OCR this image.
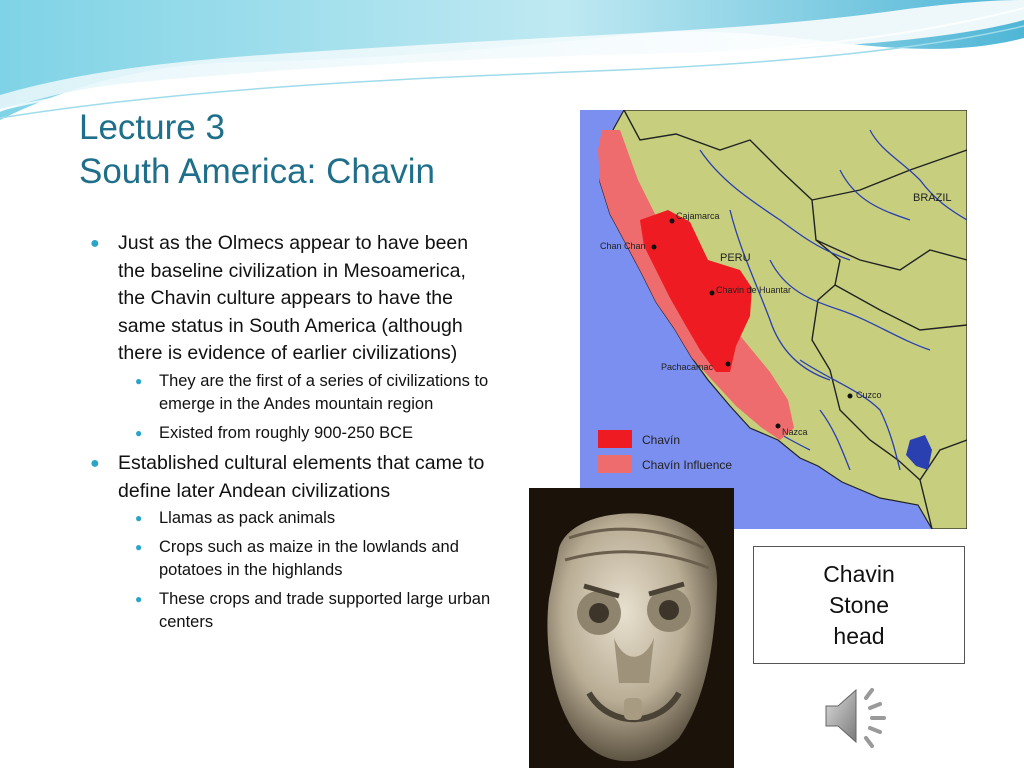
Lecture 3
South America: Chavin
● Just as the Olmecs appear to have been the baseline civilization in Mesoamerica, the Chavin culture appears to have the same status in South America (although there is evidence of earlier civilizations)
● They are the first of a series of civilizations to emerge in the Andes mountain region
● Existed from roughly 900-250 BCE
● Established cultural elements that came to define later Andean civilizations
● Llamas as pack animals
● Crops such as maize in the lowlands and potatoes in the highlands
● These crops and trade supported large urban centers
BRAZIL
PERU
Cajamarca
Chan Chan
Chavin de Huantar
Pachacamac
Cuzco
Nazca
Chavín
Chavín Influence
Chavin
Stone
head
